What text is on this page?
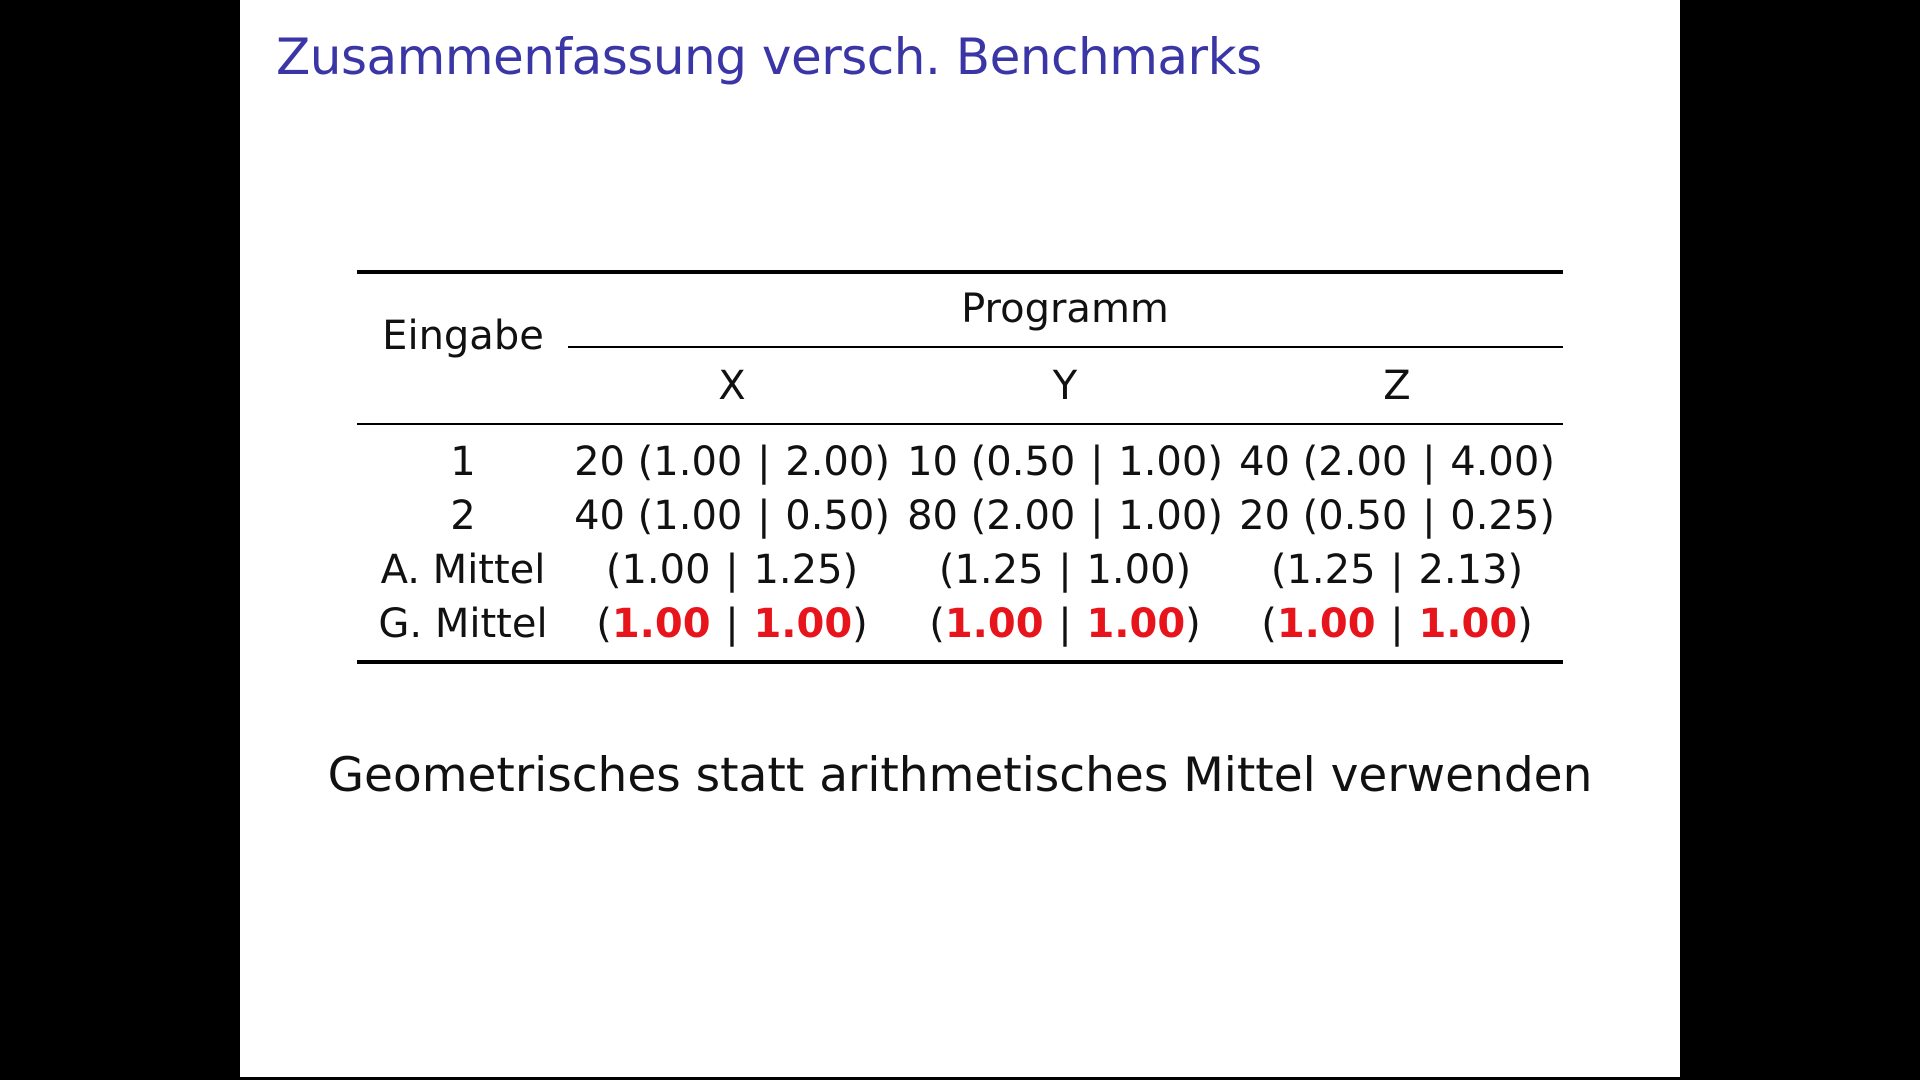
Zusammenfassung versch. Benchmarks
Eingabe
Programm
X	Y	Z
1 20 (1.00 | 2.00) 10 (0.50 | 1.00) 40 (2.00 | 4.00)
2 40 (1.00 | 0.50) 80 (2.00 | 1.00) 20 (0.50 | 0.25)
A. Mittel (1.00 | 1.25) (1.25 | 1.00) (1.25 | 2.13)
G. Mittel (1.00 | 1.00) (1.00 | 1.00) (1.00 | 1.00)
Geometrisches statt arithmetisches Mittel verwenden
